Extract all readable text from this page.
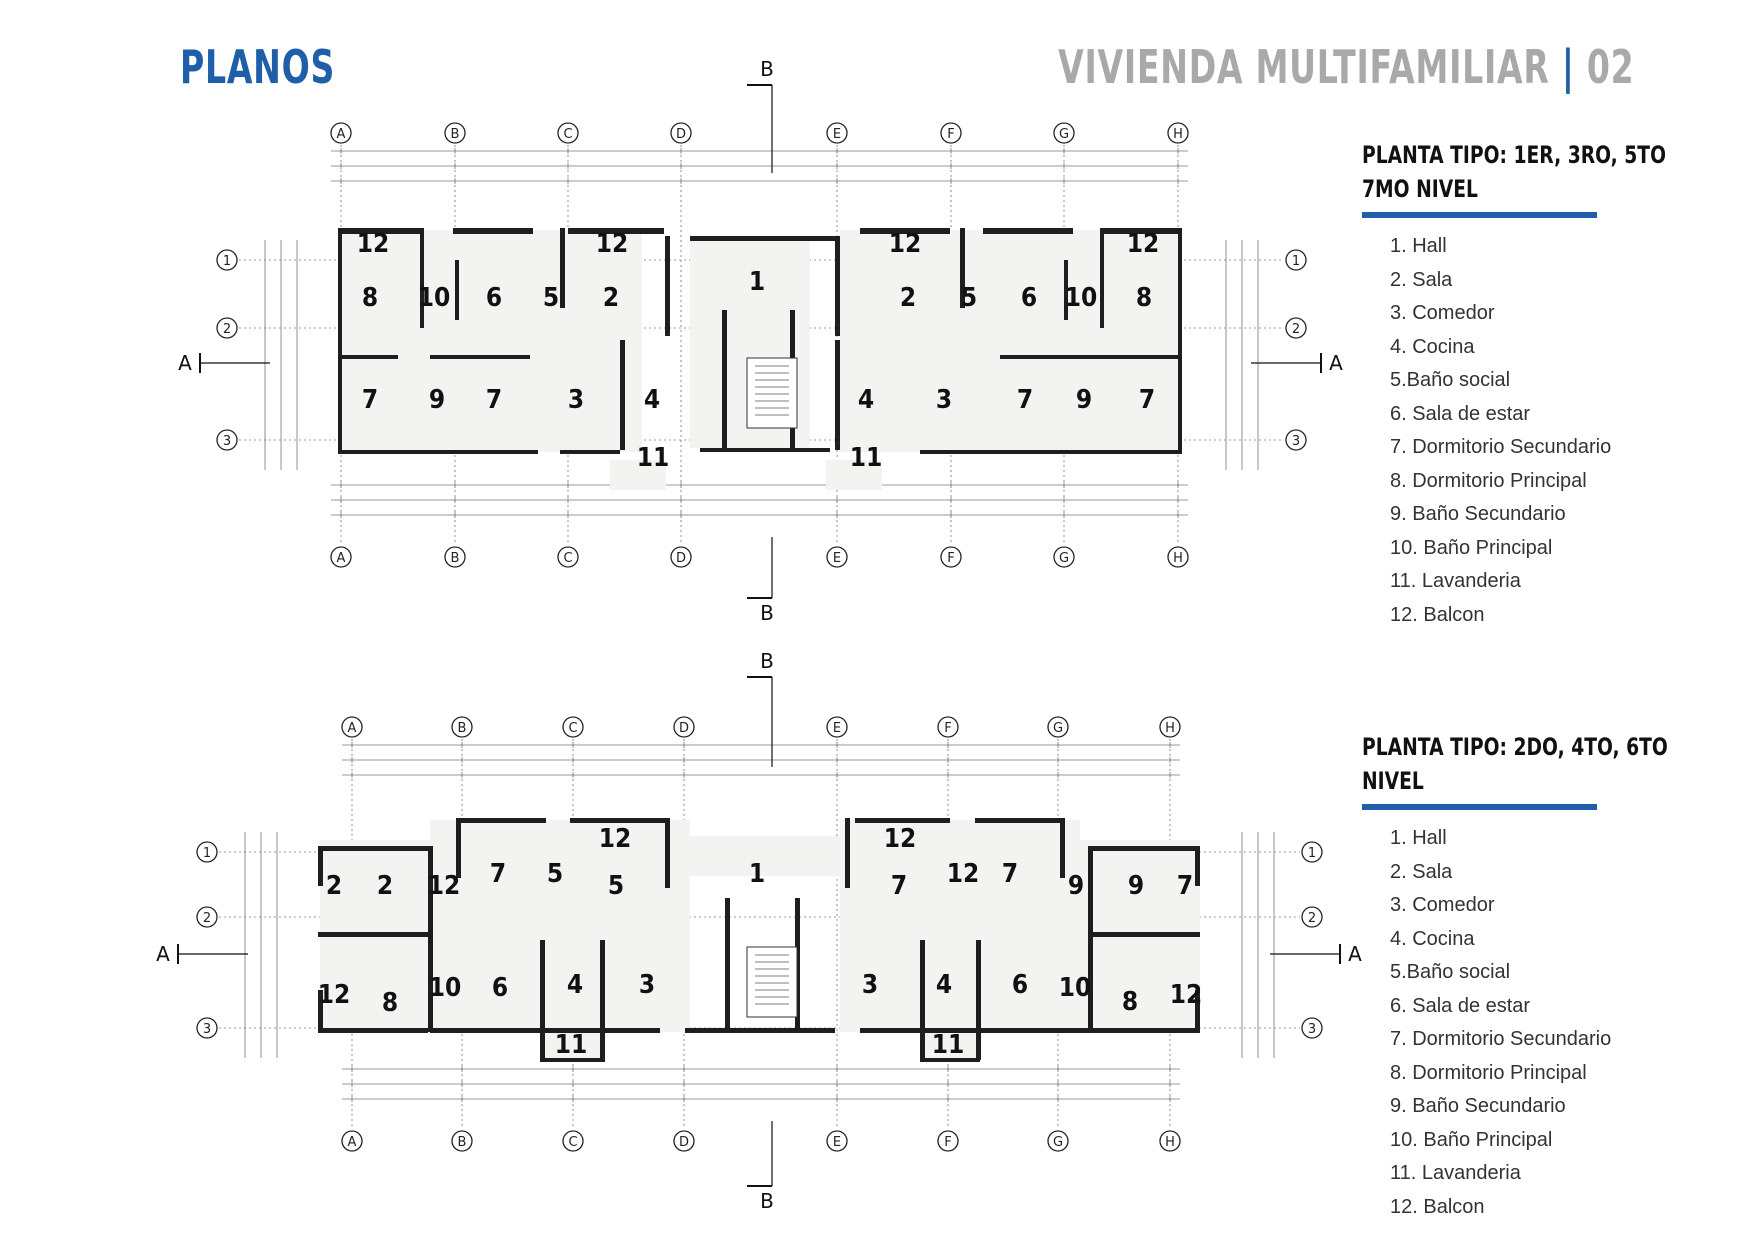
PLANOS	VIVIENDA MULTIFAMILIAR | 02
PLANTA TIPO: 1ER, 3RO, 5TO
7MO NIVEL
1. Hall
2. Sala
3. Comedor
4. Cocina
5.Baño social
6. Sala de estar
7. Dormitorio Secundario
8. Dormitorio Principal
9. Baño Secundario
10. Baño Principal
11. Lavanderia
12. Balcon
PLANTA TIPO: 2DO, 4TO, 6TO
NIVEL
1. Hall
2. Sala
3. Comedor
4. Cocina
5.Baño social
6. Sala de estar
7. Dormitorio Secundario
8. Dormitorio Principal
9. Baño Secundario
10. Baño Principal
11. Lavanderia
12. Balcon
12	12	12	12
8 10 6 5 2
1
2 5 6 10 8
7 9 7	3 4	4 3 7 9 7
11	11
A
A
B
B
C
C
D
D
E
E
F
F
G
G
H
H
1	1
2	2
3	3
A	A
B
B
12	12
1
2 2	7 5 5	7 12 7 9 9 7
12
12 8 10 6 4 3	3 4 6 10 8 12
11	11
A
A
B
B
C
C
D
D
E
E
F
F
G
G
H
H
1	1
2	2
3	3
A	A
B
B
